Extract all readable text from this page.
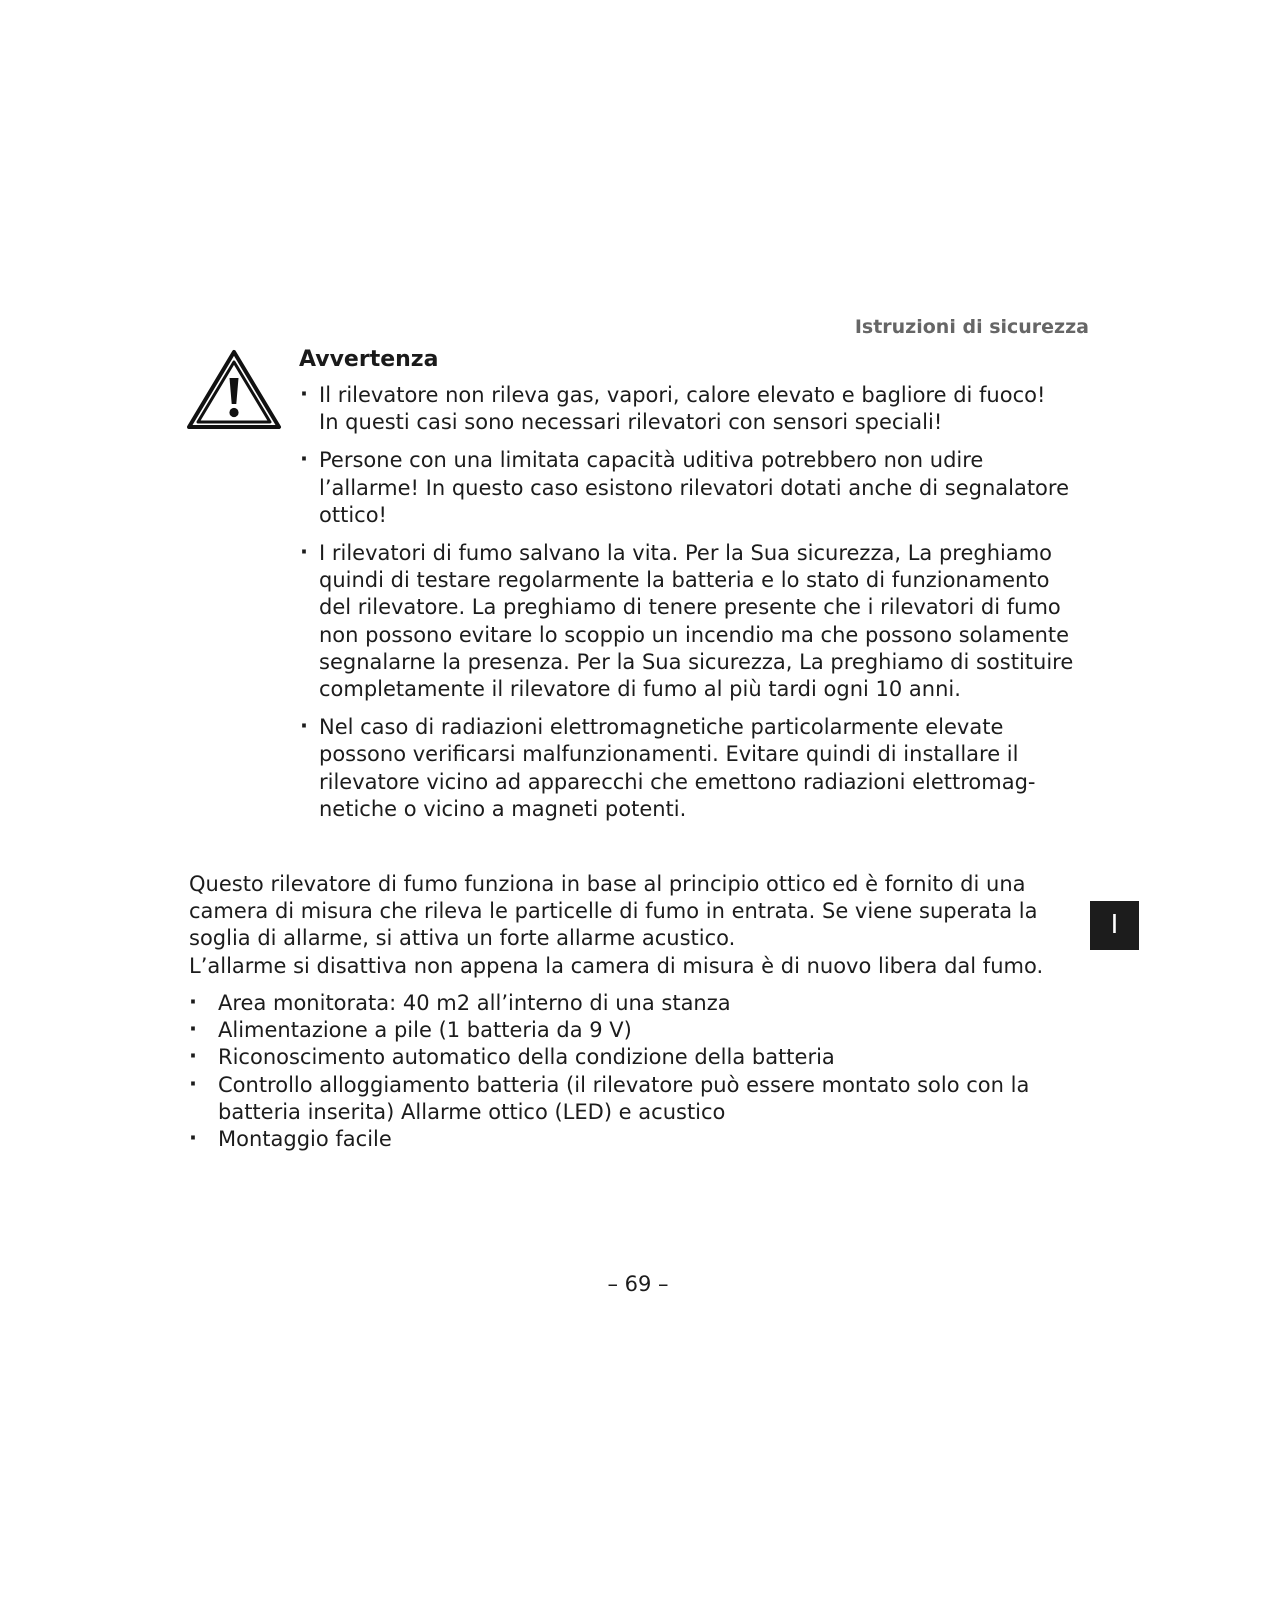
Istruzioni di sicurezza
Avvertenza
· Il rilevatore non rileva gas, vapori, calore elevato e bagliore di fuoco!
In questi casi sono necessari rilevatori con sensori speciali!
· Persone con una limitata capacità uditiva potrebbero non udire
l’allarme! In questo caso esistono rilevatori dotati anche di segnalatore
ottico!
· I rilevatori di fumo salvano la vita. Per la Sua sicurezza, La preghiamo
quindi di testare regolarmente la batteria e lo stato di funzionamento
del rilevatore. La preghiamo di tenere presente che i rilevatori di fumo
non possono evitare lo scoppio un incendio ma che possono solamente
segnalarne la presenza. Per la Sua sicurezza, La preghiamo di sostituire
completamente il rilevatore di fumo al più tardi ogni 10 anni.
· Nel caso di radiazioni elettromagnetiche particolarmente elevate
possono verificarsi malfunzionamenti. Evitare quindi di installare il
rilevatore vicino ad apparecchi che emettono radiazioni elettromag-
netiche o vicino a magneti potenti.
Questo rilevatore di fumo funziona in base al principio ottico ed è fornito di una
camera di misura che rileva le particelle di fumo in entrata. Se viene superata la
soglia di allarme, si attiva un forte allarme acustico.
L’allarme si disattiva non appena la camera di misura è di nuovo libera dal fumo.
· Area monitorata: 40 m2 all’interno di una stanza
· Alimentazione a pile (1 batteria da 9 V)
· Riconoscimento automatico della condizione della batteria
· Controllo alloggiamento batteria (il rilevatore può essere montato solo con la
batteria inserita) Allarme ottico (LED) e acustico
· Montaggio facile
I
– 69 –
